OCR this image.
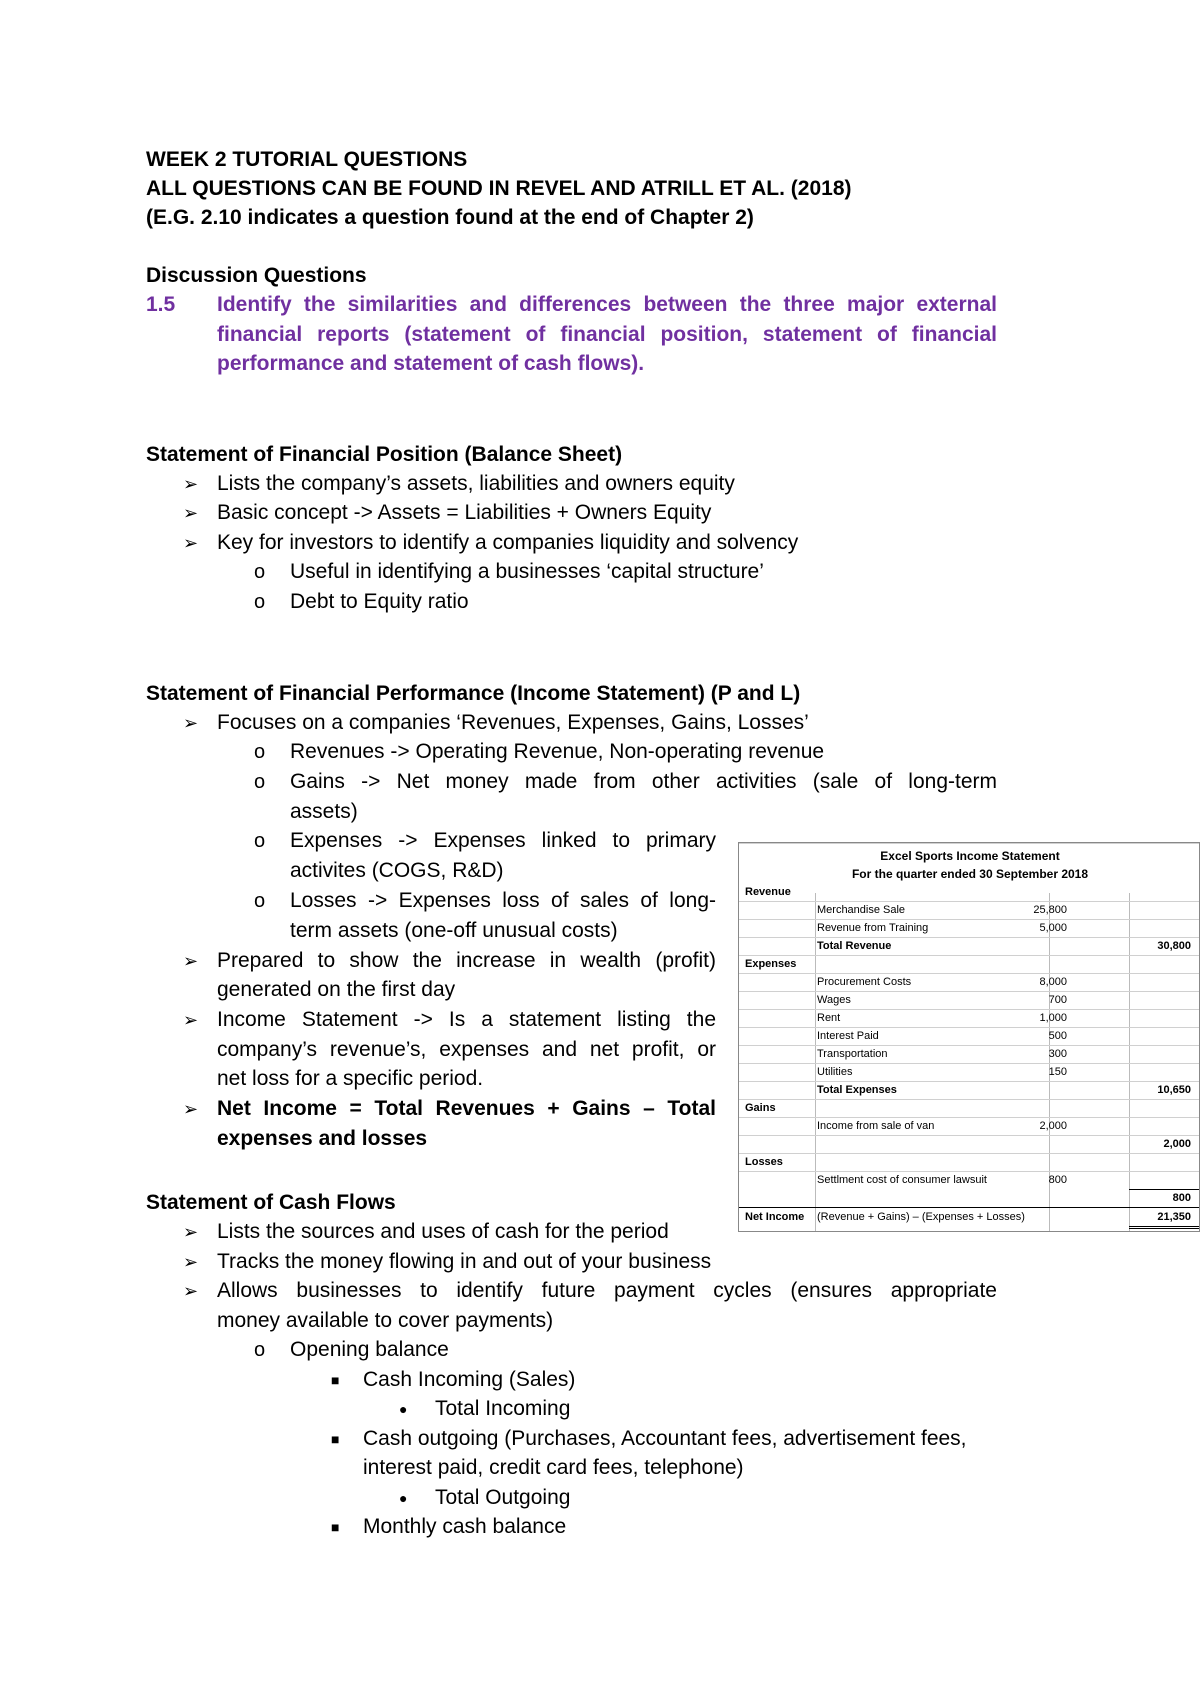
WEEK 2 TUTORIAL QUESTIONS
ALL QUESTIONS CAN BE FOUND IN REVEL AND ATRILL ET AL. (2018)
(E.G. 2.10 indicates a question found at the end of Chapter 2)
Discussion Questions
1.5 Identify the similarities and differences between the three major external
financial reports (statement of financial position, statement of financial
performance and statement of cash flows).
Statement of Financial Position (Balance Sheet)
➢ Lists the company’s assets, liabilities and owners equity
➢ Basic concept -> Assets = Liabilities + Owners Equity
➢ Key for investors to identify a companies liquidity and solvency
o Useful in identifying a businesses ‘capital structure’
o Debt to Equity ratio
Statement of Financial Performance (Income Statement) (P and L)
➢ Focuses on a companies ‘Revenues, Expenses, Gains, Losses’
o Revenues -> Operating Revenue, Non-operating revenue
o Gains -> Net money made from other activities (sale of long-term
assets)
o Expenses -> Expenses linked to primary
activites (COGS, R&D)
o Losses -> Expenses loss of sales of long-
term assets (one-off unusual costs)
➢ Prepared to show the increase in wealth (profit)
generated on the first day
➢ Income Statement -> Is a statement listing the
company’s revenue’s, expenses and net profit, or
net loss for a specific period.
➢ Net Income = Total Revenues + Gains – Total
expenses and losses
Excel Sports Income Statement
For the quarter ended 30 September 2018
Revenue
Merchandise Sale	25,800
Revenue from Training	5,000
Total Revenue	30,800
Expenses
Procurement Costs	8,000
Wages	700
Rent	1,000
Interest Paid	500
Transportation	300
Utilities	150
Total Expenses	10,650
Gains
Income from sale of van	2,000
2,000
Losses
Settlment cost of consumer lawsuit	800
800
Net Income (Revenue + Gains) – (Expenses + Losses)	21,350
Statement of Cash Flows
➢ Lists the sources and uses of cash for the period
➢ Tracks the money flowing in and out of your business
➢ Allows businesses to identify future payment cycles (ensures appropriate
money available to cover payments)
o Opening balance
■ Cash Incoming (Sales)
● Total Incoming
■ Cash outgoing (Purchases, Accountant fees, advertisement fees,
interest paid, credit card fees, telephone)
● Total Outgoing
■ Monthly cash balance
